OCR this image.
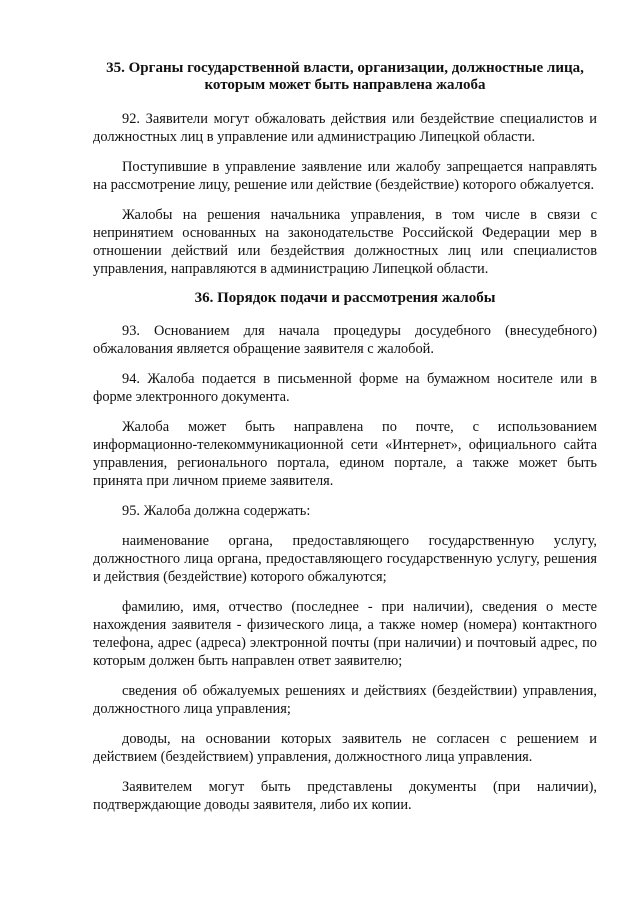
35. Органы государственной власти, организации, должностные лица, которым может быть направлена жалоба

92. Заявители могут обжаловать действия или бездействие специалистов и должностных лиц в управление или администрацию Липецкой области.

Поступившие в управление заявление или жалобу запрещается направлять на рассмотрение лицу, решение или действие (бездействие) которого обжалуется.

Жалобы на решения начальника управления, в том числе в связи с непринятием основанных на законодательстве Российской Федерации мер в отношении действий или бездействия должностных лиц или специалистов управления, направляются в администрацию Липецкой области.

36. Порядок подачи и рассмотрения жалобы

93. Основанием для начала процедуры досудебного (внесудебного) обжалования является обращение заявителя с жалобой.

94. Жалоба подается в письменной форме на бумажном носителе или в форме электронного документа.

Жалоба может быть направлена по почте, с использованием информационно-телекоммуникационной сети «Интернет», официального сайта управления, регионального портала, едином портале, а также может быть принята при личном приеме заявителя.

95. Жалоба должна содержать:

наименование органа, предоставляющего государственную услугу, должностного лица органа, предоставляющего государственную услугу, решения и действия (бездействие) которого обжалуются;

фамилию, имя, отчество (последнее - при наличии), сведения о месте нахождения заявителя - физического лица, а также номер (номера) контактного телефона, адрес (адреса) электронной почты (при наличии) и почтовый адрес, по которым должен быть направлен ответ заявителю;

сведения об обжалуемых решениях и действиях (бездействии) управления, должностного лица управления;

доводы, на основании которых заявитель не согласен с решением и действием (бездействием) управления, должностного лица управления.

Заявителем могут быть представлены документы (при наличии), подтверждающие доводы заявителя, либо их копии.
